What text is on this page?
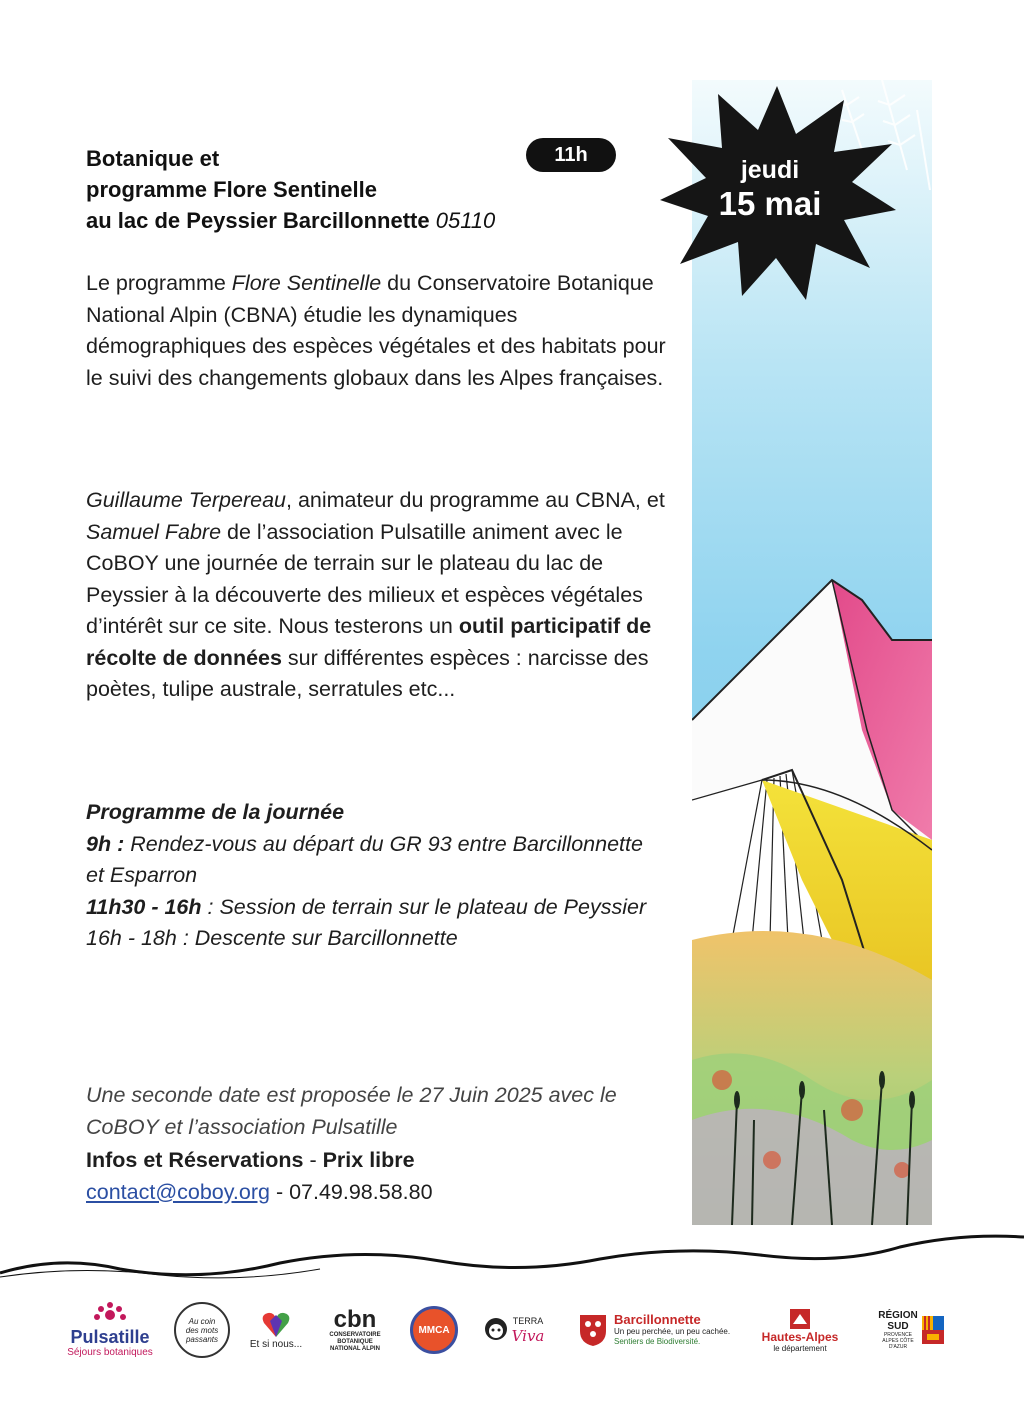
Botanique et
programme Flore Sentinelle
au lac de Peyssier Barcillonnette 05110
11h
jeudi
15 mai

Le programme Flore Sentinelle du Conservatoire Botanique National Alpin (CBNA) étudie les dynamiques démographiques des espèces végétales et des habitats pour le suivi des changements globaux dans les Alpes françaises.

Guillaume Terpereau, animateur du programme au CBNA, et Samuel Fabre de l’association Pulsatille animent avec le CoBOY une journée de terrain sur le plateau du lac de Peyssier à la découverte des milieux et espèces végétales d’intérêt sur ce site. Nous testerons un outil participatif de récolte de données sur différentes espèces : narcisse des poètes, tulipe australe, serratules etc...

Programme de la journée
9h : Rendez-vous au départ du GR 93 entre Barcillonnette et Esparron
11h30 - 16h : Session de terrain sur le plateau de Peyssier
16h - 18h : Descente sur Barcillonnette

Une seconde date est proposée le 27 Juin 2025 avec le CoBOY et l’association Pulsatille

Infos et Réservations - Prix libre
contact@coboy.org - 07.49.98.58.80
Pulsatille
Séjours botaniques
Au coin des mots passants	Et si nous...
cbn
CONSERVATOIRE BOTANIQUE NATIONAL ALPIN
MMCA
TERRA
Viva
Barcillonnette
Un peu perchée, un peu cachée.
Sentiers de Biodiversité.	Hautes-Alpes
le département
RÉGION
SUD
PROVENCE ALPES CÔTE D'AZUR
